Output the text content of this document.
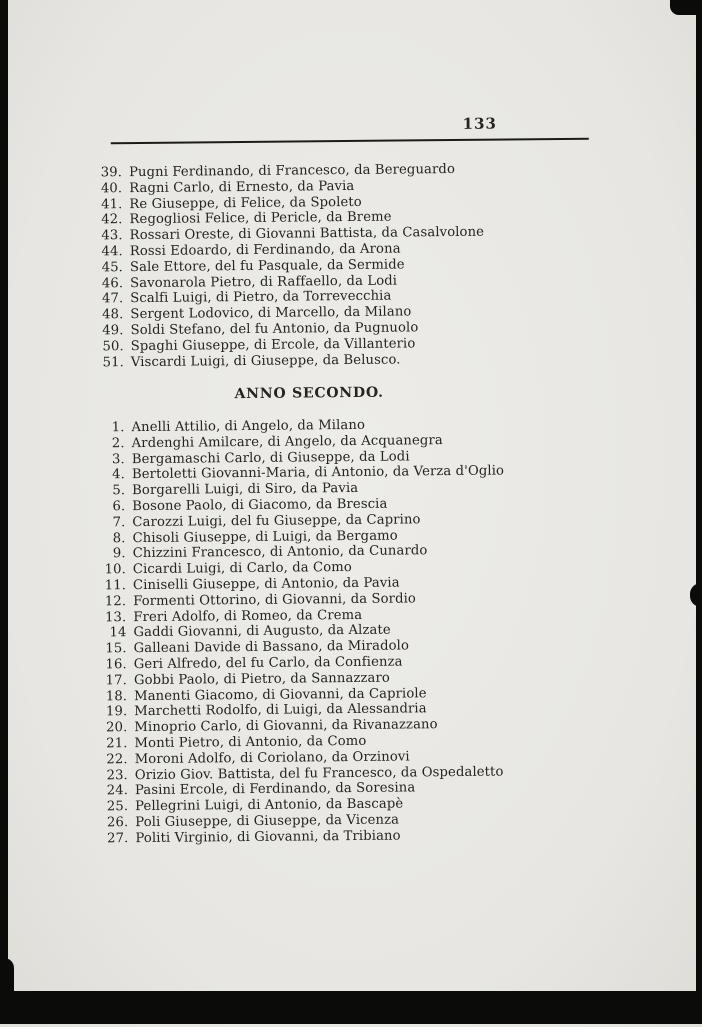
133
39. Pugni Ferdinando, di Francesco, da Bereguardo
40. Ragni Carlo, di Ernesto, da Pavia
41. Re Giuseppe, di Felice, da Spoleto
42. Regogliosi Felice, di Pericle, da Breme
43. Rossari Oreste, di Giovanni Battista, da Casalvolone
44. Rossi Edoardo, di Ferdinando, da Arona
45. Sale Ettore, del fu Pasquale, da Sermide
46. Savonarola Pietro, di Raffaello, da Lodi
47. Scalfi Luigi, di Pietro, da Torrevecchia
48. Sergent Lodovico, di Marcello, da Milano
49. Soldi Stefano, del fu Antonio, da Pugnuolo
50. Spaghi Giuseppe, di Ercole, da Villanterio
51. Viscardi Luigi, di Giuseppe, da Belusco.
ANNO SECONDO.
1. Anelli Attilio, di Angelo, da Milano
2. Ardenghi Amilcare, di Angelo, da Acquanegra
3. Bergamaschi Carlo, di Giuseppe, da Lodi
4. Bertoletti Giovanni-Maria, di Antonio, da Verza d'Oglio
5. Borgarelli Luigi, di Siro, da Pavia
6. Bosone Paolo, di Giacomo, da Brescia
7. Carozzi Luigi, del fu Giuseppe, da Caprino
8. Chisoli Giuseppe, di Luigi, da Bergamo
9. Chizzini Francesco, di Antonio, da Cunardo
10. Cicardi Luigi, di Carlo, da Como
11. Ciniselli Giuseppe, di Antonio, da Pavia
12. Formenti Ottorino, di Giovanni, da Sordio
13. Freri Adolfo, di Romeo, da Crema
14 Gaddi Giovanni, di Augusto, da Alzate
15. Galleani Davide di Bassano, da Miradolo
16. Geri Alfredo, del fu Carlo, da Confienza
17. Gobbi Paolo, di Pietro, da Sannazzaro
18. Manenti Giacomo, di Giovanni, da Capriole
19. Marchetti Rodolfo, di Luigi, da Alessandria
20. Minoprio Carlo, di Giovanni, da Rivanazzano
21. Monti Pietro, di Antonio, da Como
22. Moroni Adolfo, di Coriolano, da Orzinovi
23. Orizio Giov. Battista, del fu Francesco, da Ospedaletto
24. Pasini Ercole, di Ferdinando, da Soresina
25. Pellegrini Luigi, di Antonio, da Bascapè
26. Poli Giuseppe, di Giuseppe, da Vicenza
27. Politi Virginio, di Giovanni, da Tribiano
